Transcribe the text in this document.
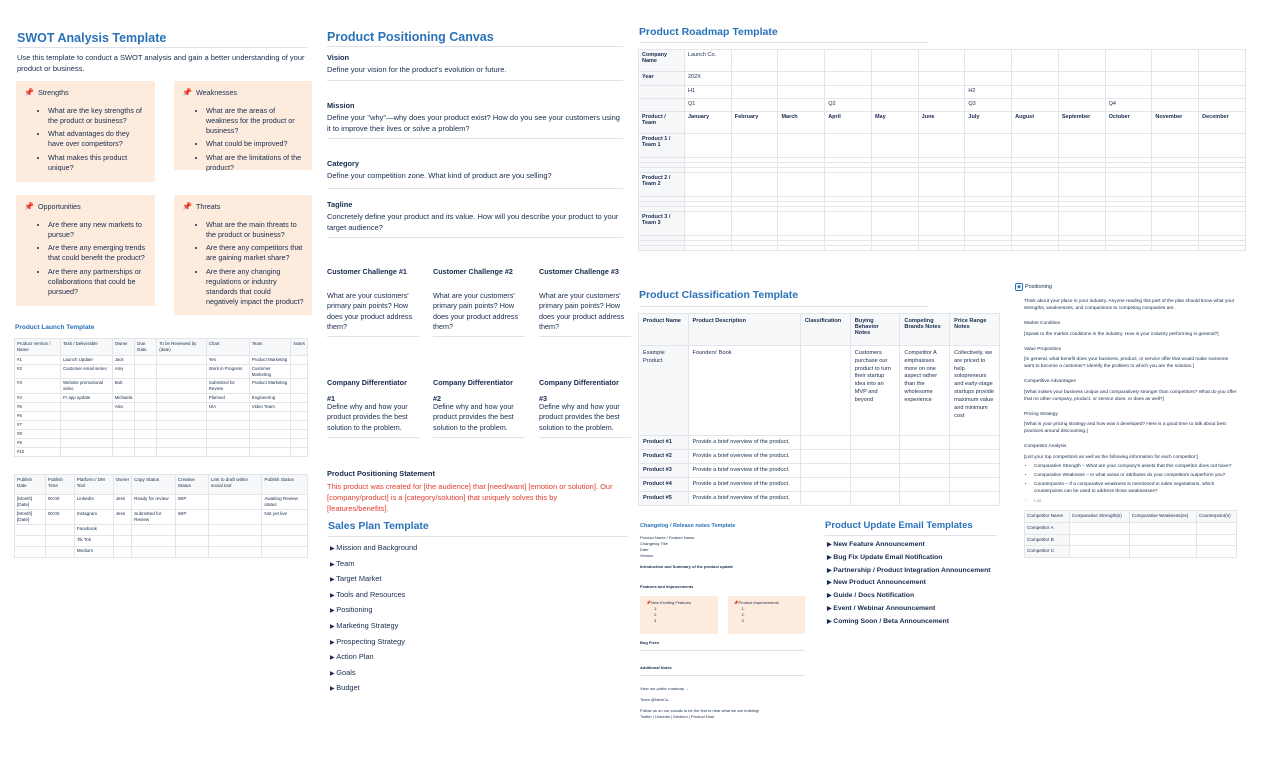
SWOT Analysis Template
Use this template to conduct a SWOT analysis and gain a better understanding of your product or business.
📌 Strengths
• What are the key strengths of the product or business?
• What advantages do they have over competitors?
• What makes this product unique?
📌 Weaknesses
• What are the areas of weakness for the product or business?
• What could be improved?
• What are the limitations of the product?
📌 Opportunities
• Are there any new markets to pursue?
• Are there any emerging trends that could benefit the product?
• Are there any partnerships or collaborations that could be pursued?
📌 Threats
• What are the main threats to the product or business?
• Are there any competitors that are gaining market share?
• Are there any changing regulations or industry standards that could negatively impact the product?
Product Launch Template
Product Version / Name	Task / Deliverable	Owner	Due Date	To be Reviewed by (date)	Chart	Team	Notes
#1	Launch Update	Jack			Yes	Product Marketing	
#2	Customer email series	Amy			Work in Progress	Customer Marketing	
#3	Website promotional video	Bob			Submitted for Review	Product Marketing	
#4	Fr app update	Michaela			Planned	Engineering	
#5		Alex			N/A	Video Team	
#6							
#7							
#8							
#9							
#10							
Publish Date	Publish Time	Platform / DM Tool	Owner	Copy Status	Creative Status	Link to draft within social tool	Publish Status
[Month] [Date]	00:00	LinkedIn	Jess	Ready for review	WIP		Awaiting Review status
[Month] [Date]	00:00	Instagram	Jess	Submitted for Review	WIP		Not yet live
		Facebook					
		Tik Tok					
		Medium					
Product Positioning Canvas
Vision
Define your vision for the product's evolution or future.
Mission
Define your "why"—why does your product exist? How do you see your customers using it to improve their lives or solve a problem?
Category
Define your competition zone. What kind of product are you selling?
Tagline
Concretely define your product and its value. How will you describe your product to your target audience?
Customer Challenge #1
What are your customers' primary pain points? How does your product address them?
Customer Challenge #2
What are your customers' primary pain points? How does your product address them?
Customer Challenge #3
What are your customers' primary pain points? How does your product address them?
Company Differentiator #1
Define why and how your product provides the best solution to the problem.
Company Differentiator #2
Define why and how your product provides the best solution to the problem.
Company Differentiator #3
Define why and how your product provides the best solution to the problem.
Product Positioning Statement
This product was created for [the audience] that [need/want] [emotion or solution]. Our [company/product] is a [category/solution] that uniquely solves this by [features/benefits].
Sales Plan Template
▶ Mission and Background
▶ Team
▶ Target Market
▶ Tools and Resources
▶ Positioning
▶ Marketing Strategy
▶ Prospecting Strategy
▶ Action Plan
▶ Goals
▶ Budget
Product Roadmap Template
Company Name	Launch Co.											
Year	202X											
	H1						H2					
	Q1			Q2			Q3			Q4		
Product / Team	January	February	March	April	May	June	July	August	September	October	November	December
Product 1 / Team 1												

Product 2 / Team 2												

Product 3 / Team 3												

Product Classification Template
Product Name	Product Description	Classification	Buying Behavior Notes	Competing Brands Notes	Price Range Notes
Example Product	Founders' Book		Customers purchase our product to turn their startup idea into an MVP and beyond	Competitor A emphasises more on one aspect rather than the wholesome experience	Collectively, we are priced to help solopreneurs and early-stage startups provide maximum value and minimum cost
Product #1	Provide a brief overview of the product.				
Product #2	Provide a brief overview of the product.				
Product #3	Provide a brief overview of the product.				
Product #4	Provide a brief overview of the product.				
Product #5	Provide a brief overview of the product.				
Changelog / Release notes Template
Product Name / Feature Name
Changelog Title
Date
Version
Introduction and Summary of the product update
Features and improvements
📌New Exciting Features
1.
2.
3.
📌Product Improvements
1.
2.
3.
Bug Fixes
Additional Notes
View our public roadmap →
Team @NewCo.
Follow us on our socials to be the first to hear what we are building!
Twitter | LinkedIn | Medium | Product Hunt
Product Update Email Templates
▶ New Feature Announcement
▶ Bug Fix Update Email Notification
▶ Partnership / Product Integration Announcement
▶ New Product Announcement
▶ Guide / Docs Notification
▶ Event / Webinar Announcement
▶ Coming Soon / Beta Announcement
◆ Positioning
Think about your place in your industry. Anyone reading this part of the plan should know what your strengths, weaknesses, and comparisons to competing companies are.
Market Condition
[Speak to the market conditions in the industry. How is your industry performing in general?]
Value Proposition
[In general, what benefit does your business, product, or service offer that would make someone want to become a customer? Identify the problem to which you are the solution.]
Competitive Advantages
[What makes your business unique and comparatively stronger than competitors? What do you offer that no other company, product, or service does, or does as well?]
Pricing Strategy
[What is your pricing strategy and how was it developed? Here is a good time to talk about best practices around discounting.]
Competitor Analysis
[List your top competitors as well as the following information for each competitor:]
• Comparative Strength – What are your company's assets that this competitor does not have?
• Comparative Weakness – In what areas or attributes do your competitors outperform you?
• Counterpoints – If a comparative weakness is mentioned in sales negotiations, which counterpoints can be used to address those weaknesses?
• List
Competitor Name	Comparative Strength(s)	Comparative Weakness(es)	Counterpoint(s)
Competitor A			
Competitor B			
Competitor C			
